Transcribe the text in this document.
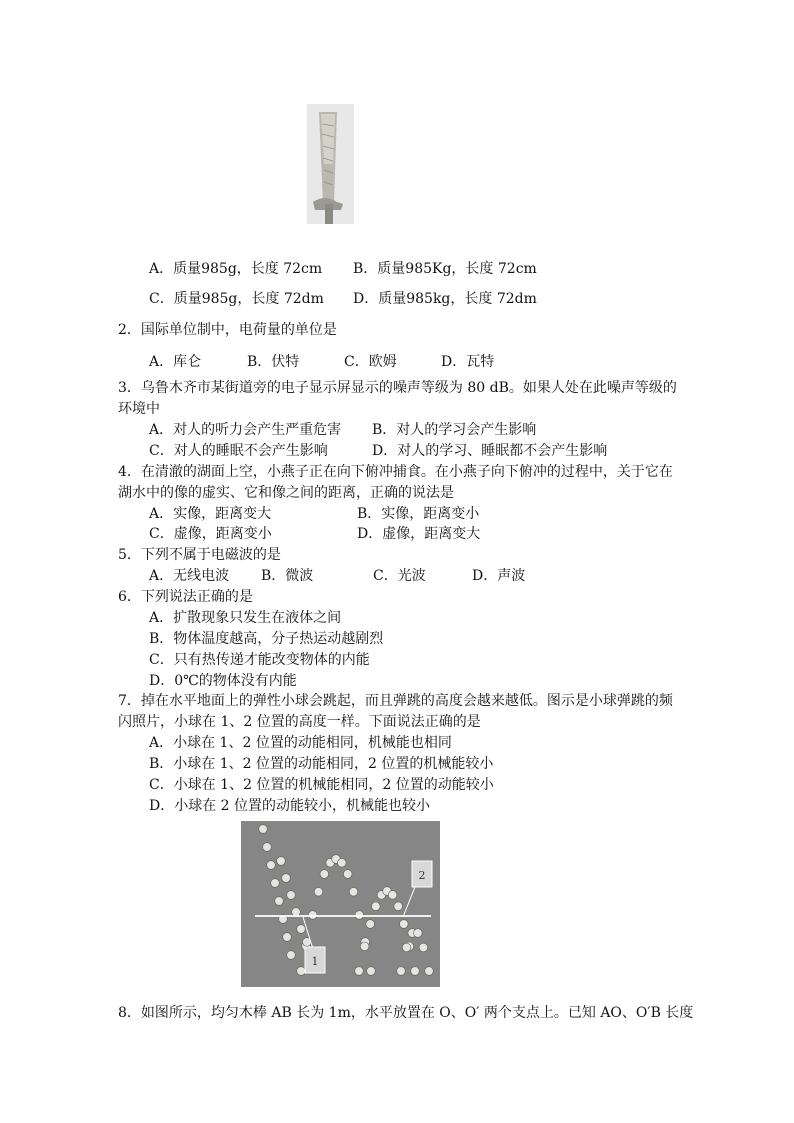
A．质量985g，长度 72cm B．质量985Kg，长度 72cm
C．质量985g，长度 72dm D．质量985kg，长度 72dm
2．国际单位制中，电荷量的单位是
A．库仑	B．伏特	C．欧姆	D．瓦特
3．乌鲁木齐市某街道旁的电子显示屏显示的噪声等级为 80 dB。如果人处在此噪声等级的
环境中
A．对人的听力会产生严重危害 B．对人的学习会产生影响
C．对人的睡眠不会产生影响	D．对人的学习、睡眠都不会产生影响
4．在清澈的湖面上空，小燕子正在向下俯冲捕食。在小燕子向下俯冲的过程中，关于它在
湖水中的像的虚实、它和像之间的距离，正确的说法是
A．实像，距离变大	B．实像，距离变小
C．虚像，距离变小	D．虚像，距离变大
5．下列不属于电磁波的是
A．无线电波 B．微波	C．光波	D．声波
6．下列说法正确的是
A．扩散现象只发生在液体之间
B．物体温度越高，分子热运动越剧烈
C．只有热传递才能改变物体的内能
D．0℃的物体没有内能
7．掉在水平地面上的弹性小球会跳起，而且弹跳的高度会越来越低。图示是小球弹跳的频
闪照片，小球在 1、2 位置的高度一样。下面说法正确的是
A．小球在 1、2 位置的动能相同，机械能也相同
B．小球在 1、2 位置的动能相同，2 位置的机械能较小
C．小球在 1、2 位置的机械能相同，2 位置的动能较小
D．小球在 2 位置的动能较小，机械能也较小
1
2
8．如图所示，均匀木棒 AB 长为 1m，水平放置在 O、O′ 两个支点上。已知 AO、O′B 长度
